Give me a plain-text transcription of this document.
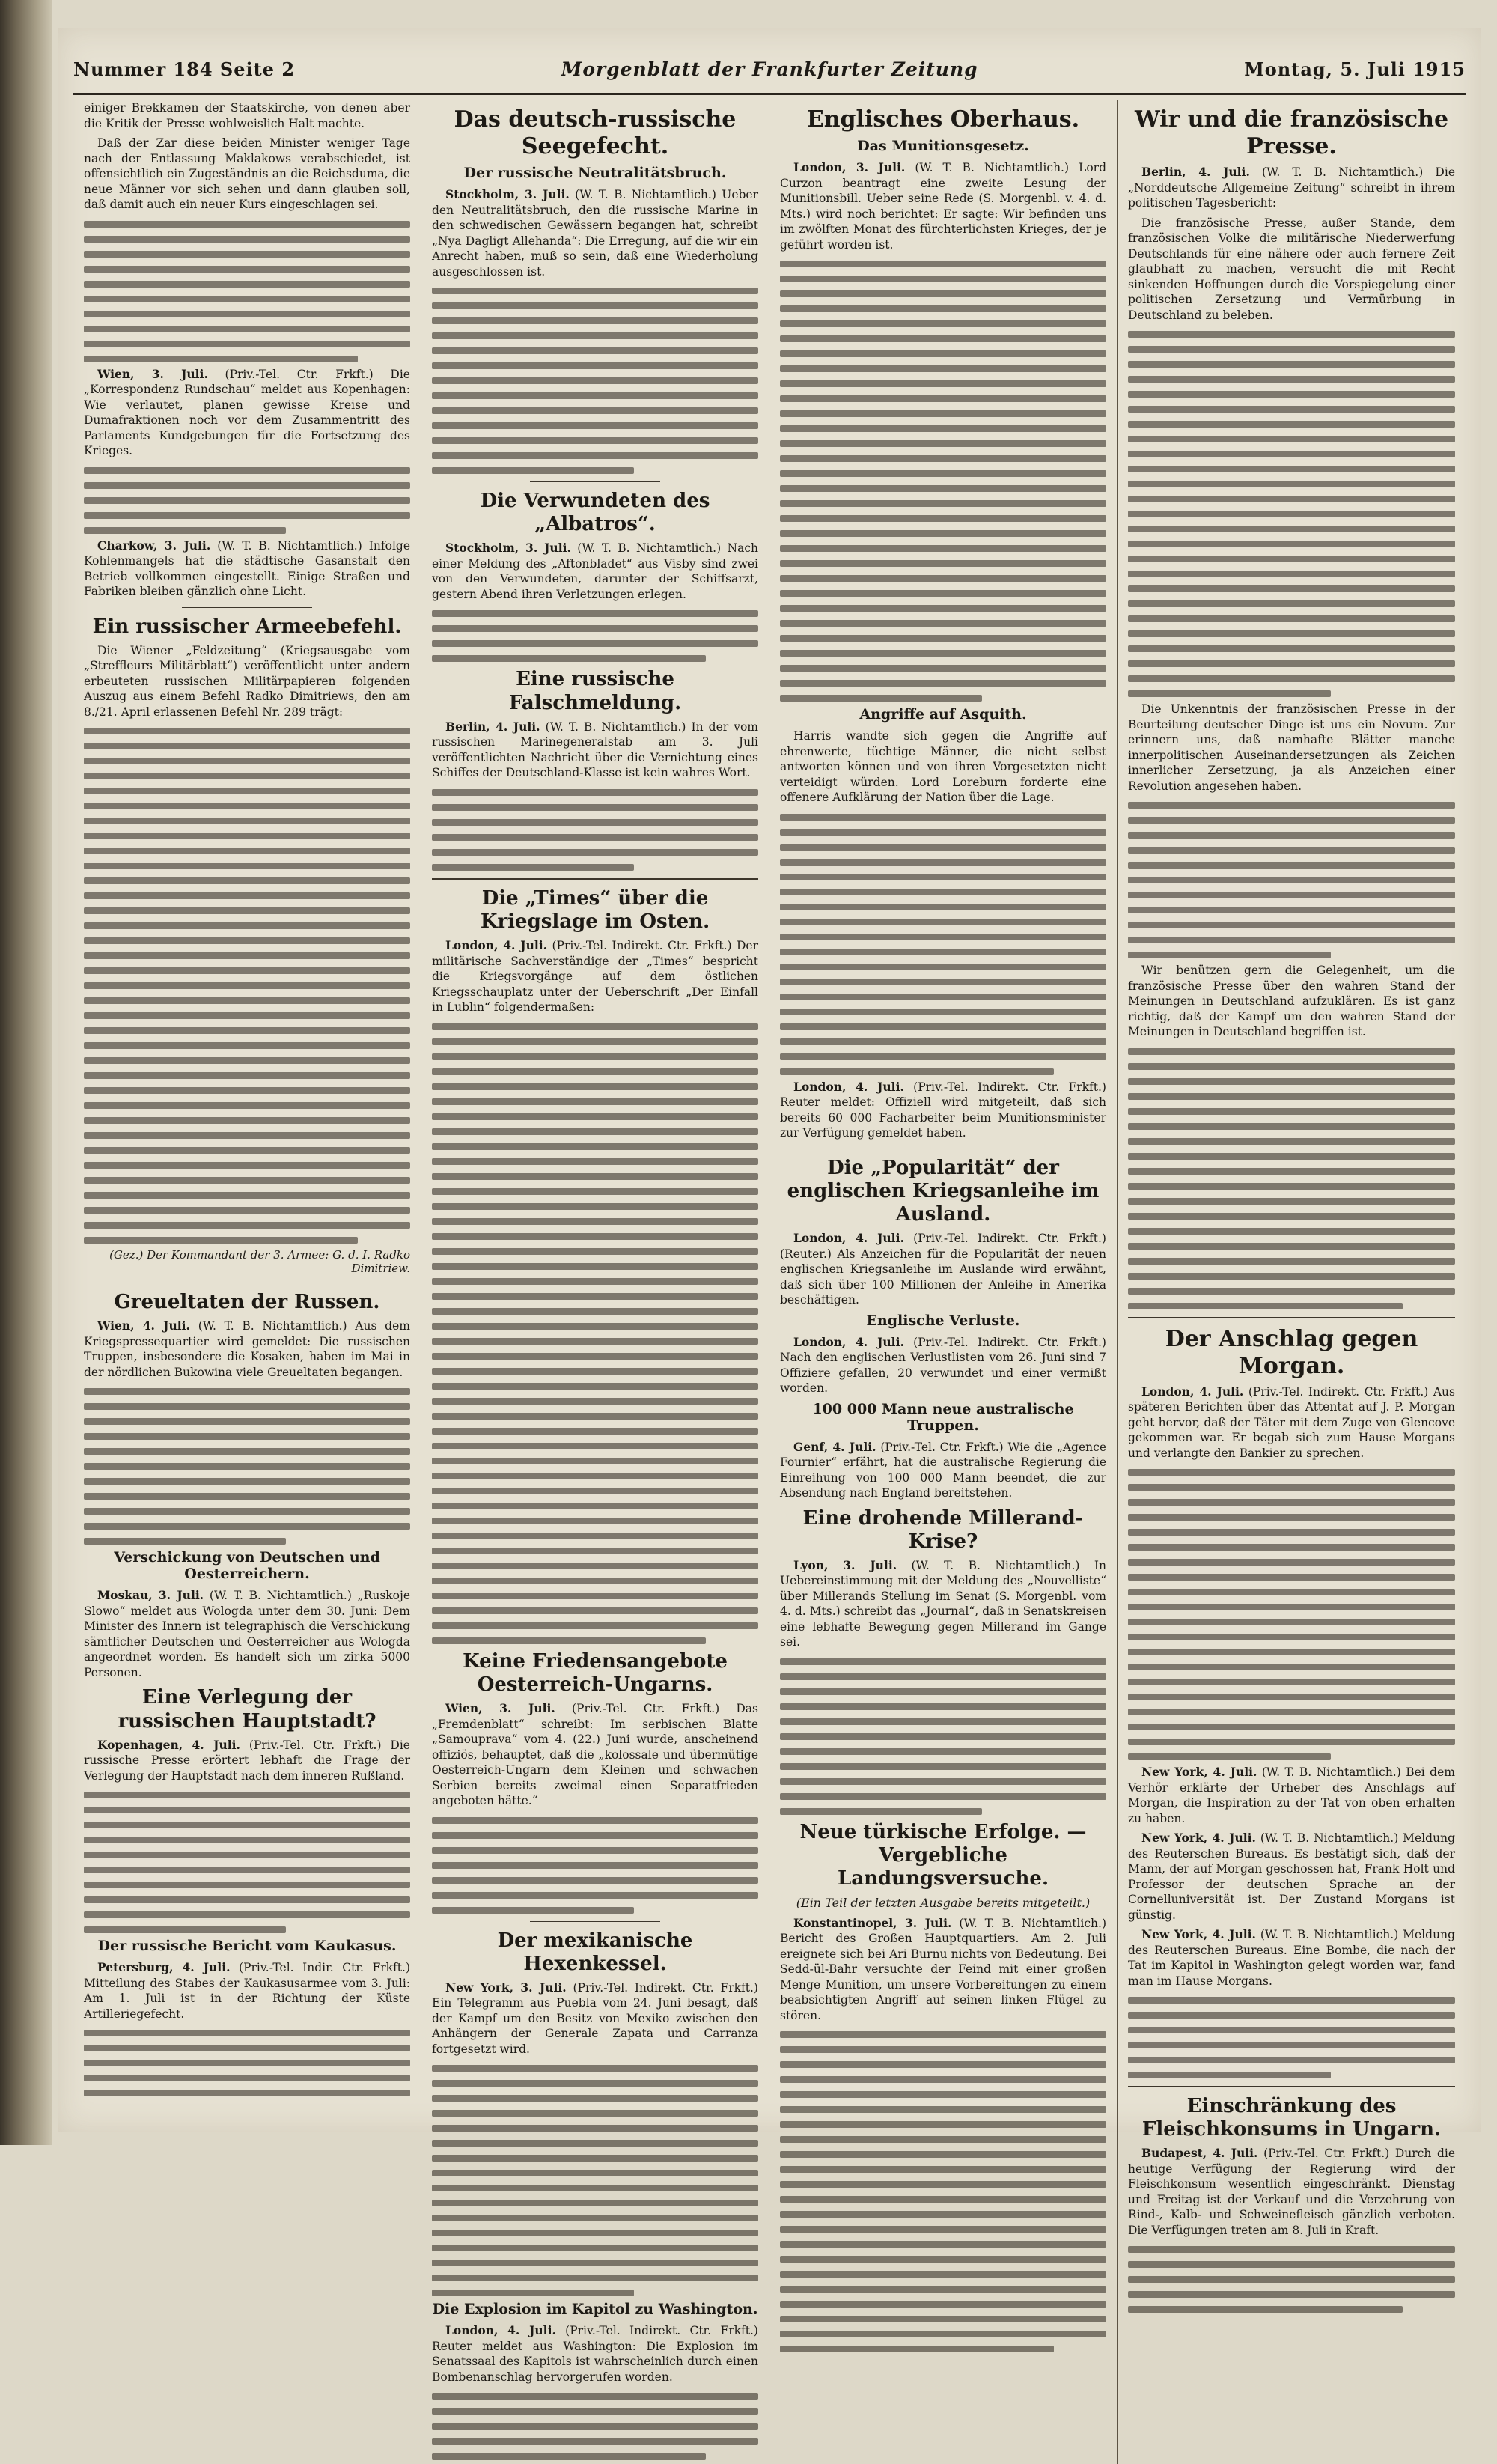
Nummer 184 Seite 2	Morgenblatt der Frankfurter Zeitung	Montag, 5. Juli 1915

einiger Brekkamen der Staatskirche, von denen aber die Kritik der Presse wohlweislich Halt machte.

Daß der Zar diese beiden Minister weniger Tage nach der Entlassung Maklakows verabschiedet, ist offensichtlich ein Zugeständnis an die Reichsduma, die neue Männer vor sich sehen und dann glauben soll, daß damit auch ein neuer Kurs eingeschlagen sei.

Wien, 3. Juli. (Priv.-Tel. Ctr. Frkft.) Die „Korrespondenz Rundschau“ meldet aus Kopenhagen: Wie verlautet, planen gewisse Kreise und Dumafraktionen noch vor dem Zusammentritt des Parlaments Kundgebungen für die Fortsetzung des Krieges.

Charkow, 3. Juli. (W. T. B. Nichtamtlich.) Infolge Kohlenmangels hat die städtische Gasanstalt den Betrieb vollkommen eingestellt. Einige Straßen und Fabriken bleiben gänzlich ohne Licht.

Ein russischer Armeebefehl.

Die Wiener „Feldzeitung“ (Kriegsausgabe vom „Streffleurs Militärblatt“) veröffentlicht unter andern erbeuteten russischen Militärpapieren folgenden Auszug aus einem Befehl Radko Dimitriews, den am 8./21. April erlassenen Befehl Nr. 289 trägt:

(Gez.) Der Kommandant der 3. Armee: G. d. I. Radko Dimitriew.
Greueltaten der Russen.

Wien, 4. Juli. (W. T. B. Nichtamtlich.) Aus dem Kriegspressequartier wird gemeldet: Die russischen Truppen, insbesondere die Kosaken, haben im Mai in der nördlichen Bukowina viele Greueltaten begangen.

Verschickung von Deutschen und Oesterreichern.

Moskau, 3. Juli. (W. T. B. Nichtamtlich.) „Ruskoje Slowo“ meldet aus Wologda unter dem 30. Juni: Dem Minister des Innern ist telegraphisch die Verschickung sämtlicher Deutschen und Oesterreicher aus Wologda angeordnet worden. Es handelt sich um zirka 5000 Personen.

Eine Verlegung der russischen Hauptstadt?

Kopenhagen, 4. Juli. (Priv.-Tel. Ctr. Frkft.) Die russische Presse erörtert lebhaft die Frage der Verlegung der Hauptstadt nach dem inneren Rußland.

Der russische Bericht vom Kaukasus.

Petersburg, 4. Juli. (Priv.-Tel. Indir. Ctr. Frkft.) Mitteilung des Stabes der Kaukasusarmee vom 3. Juli: Am 1. Juli ist in der Richtung der Küste Artilleriegefecht.

Das deutsch-russische Seegefecht.
Der russische Neutralitätsbruch.

Stockholm, 3. Juli. (W. T. B. Nichtamtlich.) Ueber den Neutralitätsbruch, den die russische Marine in den schwedischen Gewässern begangen hat, schreibt „Nya Dagligt Allehanda“: Die Erregung, auf die wir ein Anrecht haben, muß so sein, daß eine Wiederholung ausgeschlossen ist.

Die Verwundeten des „Albatros“.

Stockholm, 3. Juli. (W. T. B. Nichtamtlich.) Nach einer Meldung des „Aftonbladet“ aus Visby sind zwei von den Verwundeten, darunter der Schiffsarzt, gestern Abend ihren Verletzungen erlegen.

Eine russische Falschmeldung.

Berlin, 4. Juli. (W. T. B. Nichtamtlich.) In der vom russischen Marinegeneralstab am 3. Juli veröffentlichten Nachricht über die Vernichtung eines Schiffes der Deutschland-Klasse ist kein wahres Wort.

Die „Times“ über die Kriegslage im Osten.

London, 4. Juli. (Priv.-Tel. Indirekt. Ctr. Frkft.) Der militärische Sachverständige der „Times“ bespricht die Kriegsvorgänge auf dem östlichen Kriegsschauplatz unter der Ueberschrift „Der Einfall in Lublin“ folgendermaßen:

Keine Friedensangebote Oesterreich-Ungarns.

Wien, 3. Juli. (Priv.-Tel. Ctr. Frkft.) Das „Fremdenblatt“ schreibt: Im serbischen Blatte „Samouprava“ vom 4. (22.) Juni wurde, anscheinend offiziös, behauptet, daß die „kolossale und übermütige Oesterreich-Ungarn dem Kleinen und schwachen Serbien bereits zweimal einen Separatfrieden angeboten hätte.“

Der mexikanische Hexenkessel.

New York, 3. Juli. (Priv.-Tel. Indirekt. Ctr. Frkft.) Ein Telegramm aus Puebla vom 24. Juni besagt, daß der Kampf um den Besitz von Mexiko zwischen den Anhängern der Generale Zapata und Carranza fortgesetzt wird.

Die Explosion im Kapitol zu Washington.

London, 4. Juli. (Priv.-Tel. Indirekt. Ctr. Frkft.) Reuter meldet aus Washington: Die Explosion im Senatssaal des Kapitols ist wahrscheinlich durch einen Bombenanschlag hervorgerufen worden.

Englisches Oberhaus.
Das Munitionsgesetz.

London, 3. Juli. (W. T. B. Nichtamtlich.) Lord Curzon beantragt eine zweite Lesung der Munitionsbill. Ueber seine Rede (S. Morgenbl. v. 4. d. Mts.) wird noch berichtet: Er sagte: Wir befinden uns im zwölften Monat des fürchterlichsten Krieges, der je geführt worden ist.

Angriffe auf Asquith.

Harris wandte sich gegen die Angriffe auf ehrenwerte, tüchtige Männer, die nicht selbst antworten können und von ihren Vorgesetzten nicht verteidigt würden. Lord Loreburn forderte eine offenere Aufklärung der Nation über die Lage.

London, 4. Juli. (Priv.-Tel. Indirekt. Ctr. Frkft.) Reuter meldet: Offiziell wird mitgeteilt, daß sich bereits 60 000 Facharbeiter beim Munitionsminister zur Verfügung gemeldet haben.

Die „Popularität“ der englischen Kriegsanleihe im Ausland.

London, 4. Juli. (Priv.-Tel. Indirekt. Ctr. Frkft.) (Reuter.) Als Anzeichen für die Popularität der neuen englischen Kriegsanleihe im Auslande wird erwähnt, daß sich über 100 Millionen der Anleihe in Amerika beschäftigen.

Englische Verluste.

London, 4. Juli. (Priv.-Tel. Indirekt. Ctr. Frkft.) Nach den englischen Verlustlisten vom 26. Juni sind 7 Offiziere gefallen, 20 verwundet und einer vermißt worden.

100 000 Mann neue australische Truppen.

Genf, 4. Juli. (Priv.-Tel. Ctr. Frkft.) Wie die „Agence Fournier“ erfährt, hat die australische Regierung die Einreihung von 100 000 Mann beendet, die zur Absendung nach England bereitstehen.

Eine drohende Millerand-Krise?

Lyon, 3. Juli. (W. T. B. Nichtamtlich.) In Uebereinstimmung mit der Meldung des „Nouvelliste“ über Millerands Stellung im Senat (S. Morgenbl. vom 4. d. Mts.) schreibt das „Journal“, daß in Senatskreisen eine lebhafte Bewegung gegen Millerand im Gange sei.

Neue türkische Erfolge. — Vergebliche Landungsversuche.
(Ein Teil der letzten Ausgabe bereits mitgeteilt.)

Konstantinopel, 3. Juli. (W. T. B. Nichtamtlich.) Bericht des Großen Hauptquartiers. Am 2. Juli ereignete sich bei Ari Burnu nichts von Bedeutung. Bei Sedd-ül-Bahr versuchte der Feind mit einer großen Menge Munition, um unsere Vorbereitungen zu einem beabsichtigten Angriff auf seinen linken Flügel zu stören.

Wir und die französische Presse.

Berlin, 4. Juli. (W. T. B. Nichtamtlich.) Die „Norddeutsche Allgemeine Zeitung“ schreibt in ihrem politischen Tagesbericht:

Die französische Presse, außer Stande, dem französischen Volke die militärische Niederwerfung Deutschlands für eine nähere oder auch fernere Zeit glaubhaft zu machen, versucht die mit Recht sinkenden Hoffnungen durch die Vorspiegelung einer politischen Zersetzung und Vermürbung in Deutschland zu beleben.

Die Unkenntnis der französischen Presse in der Beurteilung deutscher Dinge ist uns ein Novum. Zur erinnern uns, daß namhafte Blätter manche innerpolitischen Auseinandersetzungen als Zeichen innerlicher Zersetzung, ja als Anzeichen einer Revolution angesehen haben.

Wir benützen gern die Gelegenheit, um die französische Presse über den wahren Stand der Meinungen in Deutschland aufzuklären. Es ist ganz richtig, daß der Kampf um den wahren Stand der Meinungen in Deutschland begriffen ist.

Der Anschlag gegen Morgan.

London, 4. Juli. (Priv.-Tel. Indirekt. Ctr. Frkft.) Aus späteren Berichten über das Attentat auf J. P. Morgan geht hervor, daß der Täter mit dem Zuge von Glencove gekommen war. Er begab sich zum Hause Morgans und verlangte den Bankier zu sprechen.

New York, 4. Juli. (W. T. B. Nichtamtlich.) Bei dem Verhör erklärte der Urheber des Anschlags auf Morgan, die Inspiration zu der Tat von oben erhalten zu haben.

New York, 4. Juli. (W. T. B. Nichtamtlich.) Meldung des Reuterschen Bureaus. Es bestätigt sich, daß der Mann, der auf Morgan geschossen hat, Frank Holt und Professor der deutschen Sprache an der Cornelluniversität ist. Der Zustand Morgans ist günstig.

New York, 4. Juli. (W. T. B. Nichtamtlich.) Meldung des Reuterschen Bureaus. Eine Bombe, die nach der Tat im Kapitol in Washington gelegt worden war, fand man im Hause Morgans.

Einschränkung des Fleischkonsums in Ungarn.

Budapest, 4. Juli. (Priv.-Tel. Ctr. Frkft.) Durch die heutige Verfügung der Regierung wird der Fleischkonsum wesentlich eingeschränkt. Dienstag und Freitag ist der Verkauf und die Verzehrung von Rind-, Kalb- und Schweinefleisch gänzlich verboten. Die Verfügungen treten am 8. Juli in Kraft.
